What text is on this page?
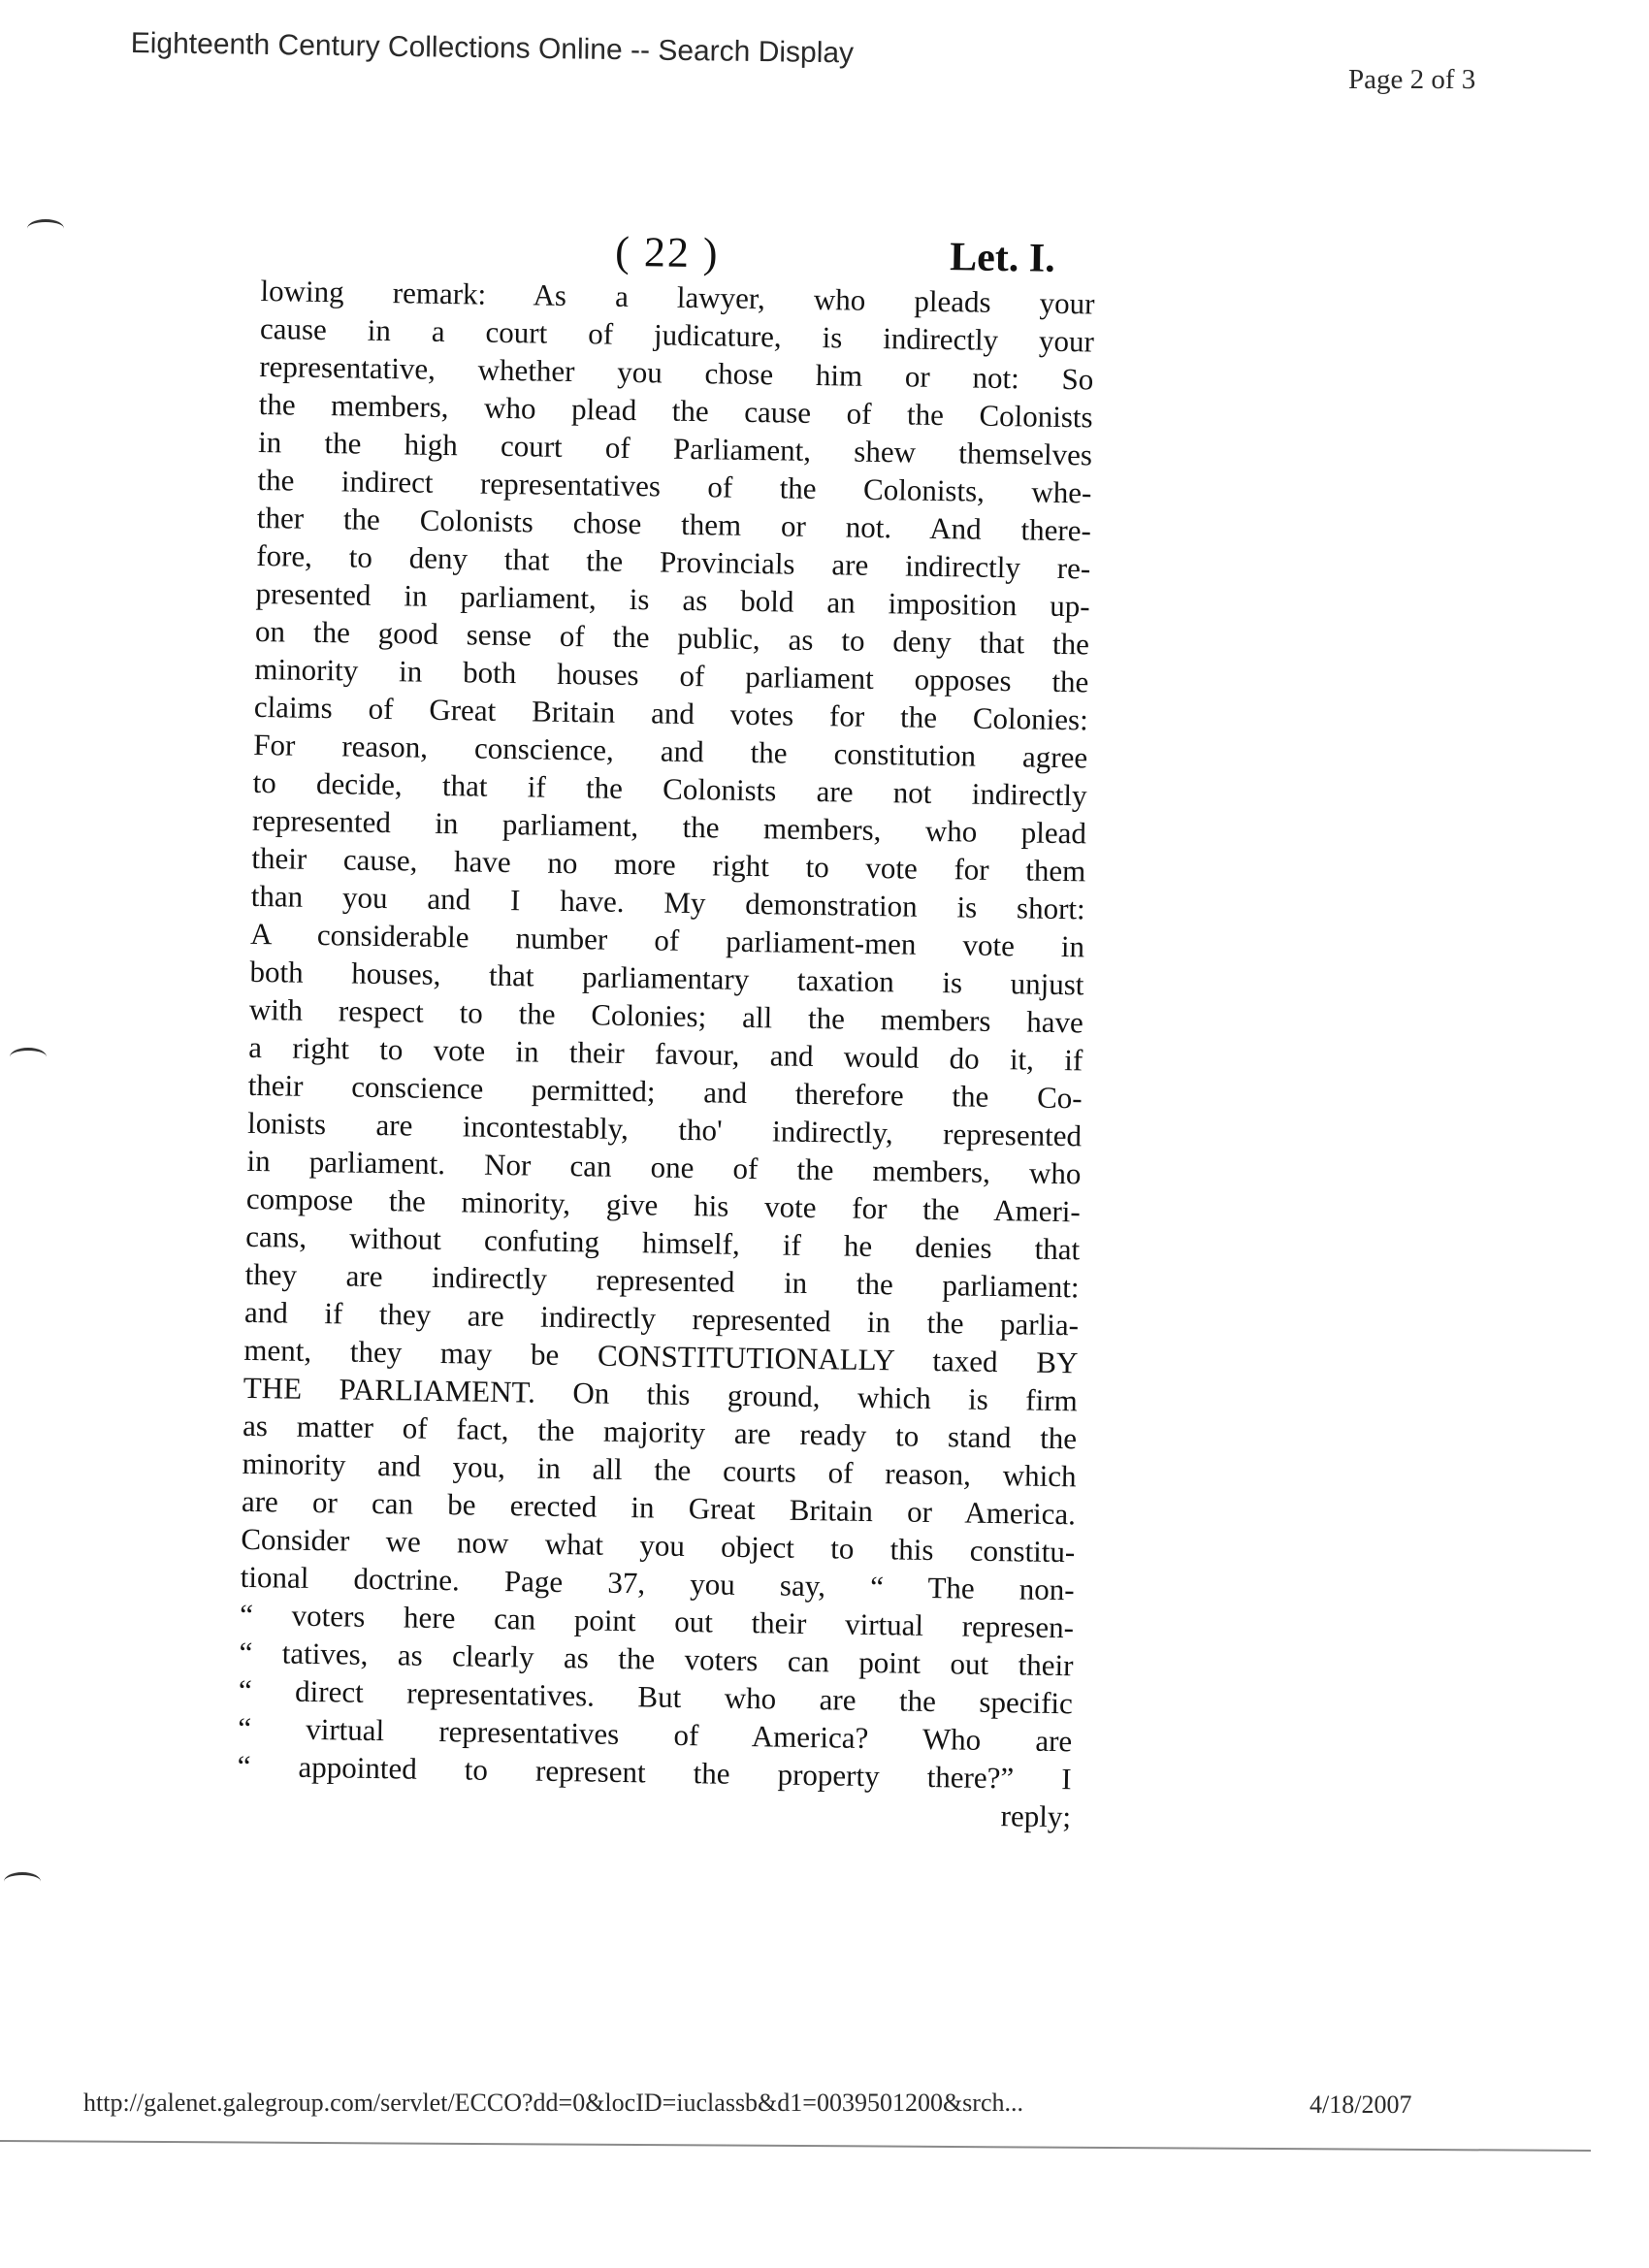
Eighteenth Century Collections Online -- Search Display
Page 2 of 3
( 22 )	Let. I.
lowing remark: As a lawyer, who pleads your
cause in a court of judicature, is indirectly your
representative, whether you chose him or not: So
the members, who plead the cause of the Colonists
in the high court of Parliament, shew themselves
the indirect representatives of the Colonists, whe-
ther the Colonists chose them or not. And there-
fore, to deny that the Provincials are indirectly re-
presented in parliament, is as bold an imposition up-
on the good sense of the public, as to deny that the
minority in both houses of parliament opposes the
claims of Great Britain and votes for the Colonies:
For reason, conscience, and the constitution agree
to decide, that if the Colonists are not indirectly
represented in parliament, the members, who plead
their cause, have no more right to vote for them
than you and I have. My demonstration is short:
A considerable number of parliament-men vote in
both houses, that parliamentary taxation is unjust
with respect to the Colonies; all the members have
a right to vote in their favour, and would do it, if
their conscience permitted; and therefore the Co-
lonists are incontestably, tho' indirectly, represented
in parliament. Nor can one of the members, who
compose the minority, give his vote for the Ameri-
cans, without confuting himself, if he denies that
they are indirectly represented in the parliament:
and if they are indirectly represented in the parlia-
ment, they may be CONSTITUTIONALLY taxed BY
THE PARLIAMENT. On this ground, which is firm
as matter of fact, the majority are ready to stand the
minority and you, in all the courts of reason, which
are or can be erected in Great Britain or America.
Consider we now what you object to this constitu-
tional doctrine. Page 37, you say, “ The non-
“ voters here can point out their virtual represen-
“ tatives, as clearly as the voters can point out their
“ direct representatives. But who are the specific
“ virtual representatives of America? Who are
“ appointed to represent the property there?” I
reply;
http://galenet.galegroup.com/servlet/ECCO?dd=0&locID=iuclassb&d1=0039501200&srch...	4/18/2007
